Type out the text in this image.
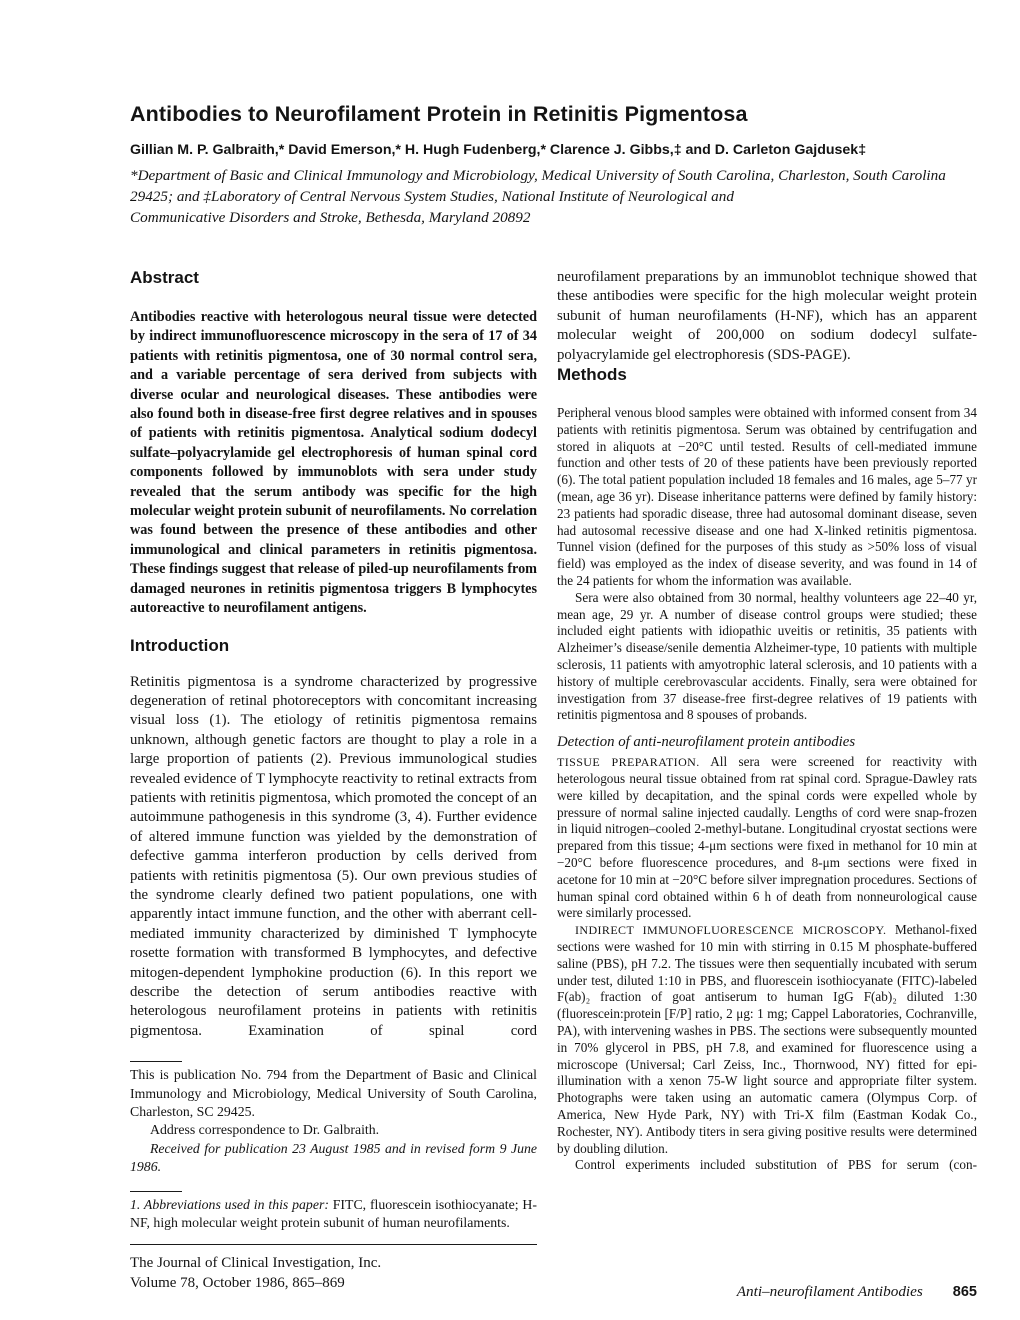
Antibodies to Neurofilament Protein in Retinitis Pigmentosa
Gillian M. P. Galbraith,* David Emerson,* H. Hugh Fudenberg,* Clarence J. Gibbs,‡ and D. Carleton Gajdusek‡
*Department of Basic and Clinical Immunology and Microbiology, Medical University of South Carolina, Charleston, South Carolina
29425; and ‡Laboratory of Central Nervous System Studies, National Institute of Neurological and
Communicative Disorders and Stroke, Bethesda, Maryland 20892
Abstract

Antibodies reactive with heterologous neural tissue were detected by indirect immunofluorescence microscopy in the sera of 17 of 34 patients with retinitis pigmentosa, one of 30 normal control sera, and a variable percentage of sera derived from subjects with diverse ocular and neurological diseases. These antibodies were also found both in disease-free first degree relatives and in spouses of patients with retinitis pigmentosa. Analytical sodium dodecyl sulfate–polyacrylamide gel electrophoresis of human spinal cord components followed by immunoblots with sera under study revealed that the serum antibody was specific for the high molecular weight protein subunit of neurofilaments. No correlation was found between the presence of these antibodies and other immunological and clinical parameters in retinitis pigmentosa. These findings suggest that release of piled-up neurofilaments from damaged neurones in retinitis pigmentosa triggers B lymphocytes autoreactive to neurofilament antigens.

Introduction

Retinitis pigmentosa is a syndrome characterized by progressive degeneration of retinal photoreceptors with concomitant increasing visual loss (1). The etiology of retinitis pigmentosa remains unknown, although genetic factors are thought to play a role in a large proportion of patients (2). Previous immunological studies revealed evidence of T lymphocyte reactivity to retinal extracts from patients with retinitis pigmentosa, which promoted the concept of an autoimmune pathogenesis in this syndrome (3, 4). Further evidence of altered immune function was yielded by the demonstration of defective gamma interferon production by cells derived from patients with retinitis pigmentosa (5). Our own previous studies of the syndrome clearly defined two patient populations, one with apparently intact immune function, and the other with aberrant cell-mediated immunity characterized by diminished T lymphocyte rosette formation with transformed B lymphocytes, and defective mitogen-dependent lymphokine production (6). In this report we describe the detection of serum antibodies reactive with heterologous neurofilament proteins in patients with retinitis pigmentosa. Examination of spinal cord

This is publication No. 794 from the Department of Basic and Clinical Immunology and Microbiology, Medical University of South Carolina, Charleston, SC 29425.

Address correspondence to Dr. Galbraith.

Received for publication 23 August 1985 and in revised form 9 June 1986.

1. Abbreviations used in this paper: FITC, fluorescein isothiocyanate; H-NF, high molecular weight protein subunit of human neurofilaments.

The Journal of Clinical Investigation, Inc.

Volume 78, October 1986, 865–869

neurofilament preparations by an immunoblot technique showed that these antibodies were specific for the high molecular weight protein subunit of human neurofilaments (H-NF), which has an apparent molecular weight of 200,000 on sodium dodecyl sulfate-polyacrylamide gel electrophoresis (SDS-PAGE).

Methods

Peripheral venous blood samples were obtained with informed consent from 34 patients with retinitis pigmentosa. Serum was obtained by centrifugation and stored in aliquots at −20°C until tested. Results of cell-mediated immune function and other tests of 20 of these patients have been previously reported (6). The total patient population included 18 females and 16 males, age 5–77 yr (mean, age 36 yr). Disease inheritance patterns were defined by family history: 23 patients had sporadic disease, three had autosomal dominant disease, seven had autosomal recessive disease and one had X-linked retinitis pigmentosa. Tunnel vision (defined for the purposes of this study as >50% loss of visual field) was employed as the index of disease severity, and was found in 14 of the 24 patients for whom the information was available.

Sera were also obtained from 30 normal, healthy volunteers age 22–40 yr, mean age, 29 yr. A number of disease control groups were studied; these included eight patients with idiopathic uveitis or retinitis, 35 patients with Alzheimer’s disease/senile dementia Alzheimer-type, 10 patients with multiple sclerosis, 11 patients with amyotrophic lateral sclerosis, and 10 patients with a history of multiple cerebrovascular accidents. Finally, sera were obtained for investigation from 37 disease-free first-degree relatives of 19 patients with retinitis pigmentosa and 8 spouses of probands.

Detection of anti-neurofilament protein antibodies

TISSUE PREPARATION. All sera were screened for reactivity with heterologous neural tissue obtained from rat spinal cord. Sprague-Dawley rats were killed by decapitation, and the spinal cords were expelled whole by pressure of normal saline injected caudally. Lengths of cord were snap-frozen in liquid nitrogen–cooled 2-methyl-butane. Longitudinal cryostat sections were prepared from this tissue; 4-μm sections were fixed in methanol for 10 min at −20°C before fluorescence procedures, and 8-μm sections were fixed in acetone for 10 min at −20°C before silver impregnation procedures. Sections of human spinal cord obtained within 6 h of death from nonneurological cause were similarly processed.

INDIRECT IMMUNOFLUORESCENCE MICROSCOPY. Methanol-fixed sections were washed for 10 min with stirring in 0.15 M phosphate-buffered saline (PBS), pH 7.2. The tissues were then sequentially incubated with serum under test, diluted 1:10 in PBS, and fluorescein isothiocyanate (FITC)-labeled F(ab)₂ fraction of goat antiserum to human IgG F(ab)₂ diluted 1:30 (fluorescein:protein [F/P] ratio, 2 μg: 1 mg; Cappel Laboratories, Cochranville, PA), with intervening washes in PBS. The sections were subsequently mounted in 70% glycerol in PBS, pH 7.8, and examined for fluorescence using a microscope (Universal; Carl Zeiss, Inc., Thornwood, NY) fitted for epi-illumination with a xenon 75-W light source and appropriate filter system. Photographs were taken using an automatic camera (Olympus Corp. of America, New Hyde Park, NY) with Tri-X film (Eastman Kodak Co., Rochester, NY). Antibody titers in sera giving positive results were determined by doubling dilution.

Control experiments included substitution of PBS for serum (con-

Anti–neurofilament Antibodies 865
